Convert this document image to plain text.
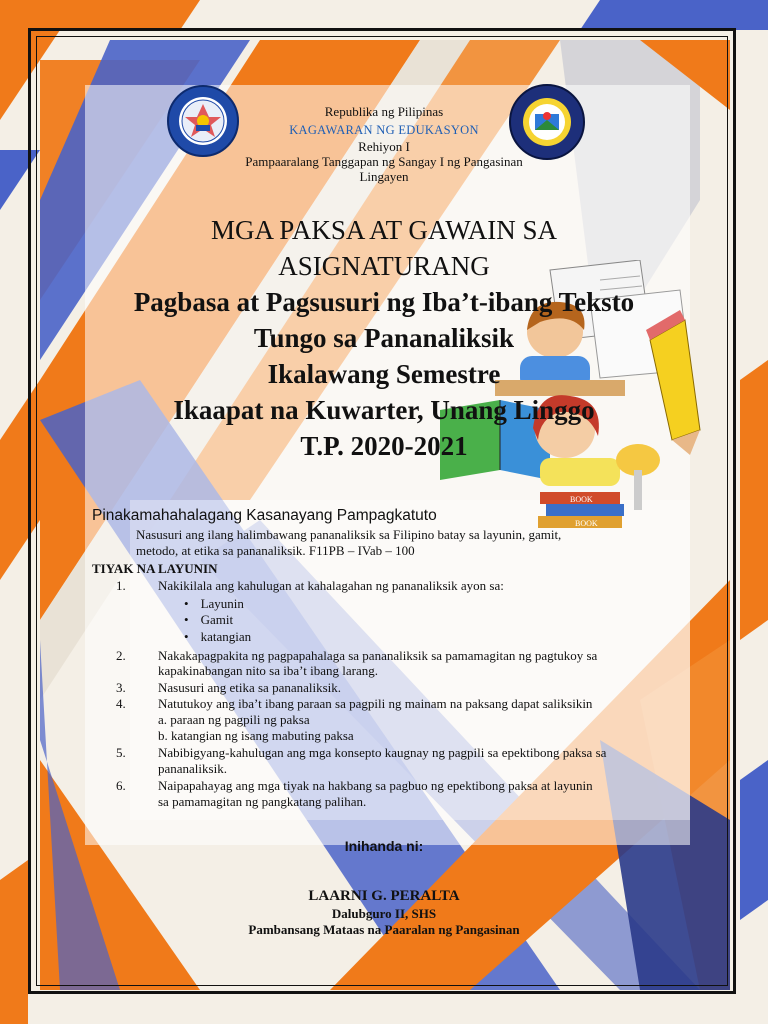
Republika ng Pilipinas
KAGAWARAN NG EDUKASYON
Rehiyon I
Pampaaralang Tanggapan ng Sangay I ng Pangasinan
Lingayen
BOOK
BOOK
MGA PAKSA AT GAWAIN SA
ASIGNATURANG
Pagbasa at Pagsusuri ng Iba’t-ibang Teksto
Tungo sa Pananaliksik
Ikalawang Semestre
Ikaapat na Kuwarter, Unang Linggo
T.P. 2020-2021
Pinakamahahalagang Kasanayang Pampagkatuto
Nasusuri ang ilang halimbawang pananaliksik sa Filipino batay sa layunin, gamit,
metodo, at etika sa pananaliksik. F11PB – IVab – 100
TIYAK NA LAYUNIN
1. Nakikilala ang kahulugan at kahalagahan ng pananaliksik ayon sa:
• Layunin
• Gamit
• katangian
2. Nakakapagpakita ng pagpapahalaga sa pananaliksik sa pamamagitan ng pagtukoy sa
kapakinabangan nito sa iba’t ibang larang.
3. Nasusuri ang etika sa pananaliksik.
4. Natutukoy ang iba’t ibang paraan sa pagpili ng mainam na paksang dapat saliksikin
a. paraan ng pagpili ng paksa
b. katangian ng isang mabuting paksa
5. Nabibigyang-kahulugan ang mga konsepto kaugnay ng pagpili sa epektibong paksa sa
pananaliksik.
6. Naipapahayag ang mga tiyak na hakbang sa pagbuo ng epektibong paksa at layunin
sa pamamagitan ng pangkatang palihan.
Inihanda ni:
LAARNI G. PERALTA
Dalubguro II, SHS
Pambansang Mataas na Paaralan ng Pangasinan
